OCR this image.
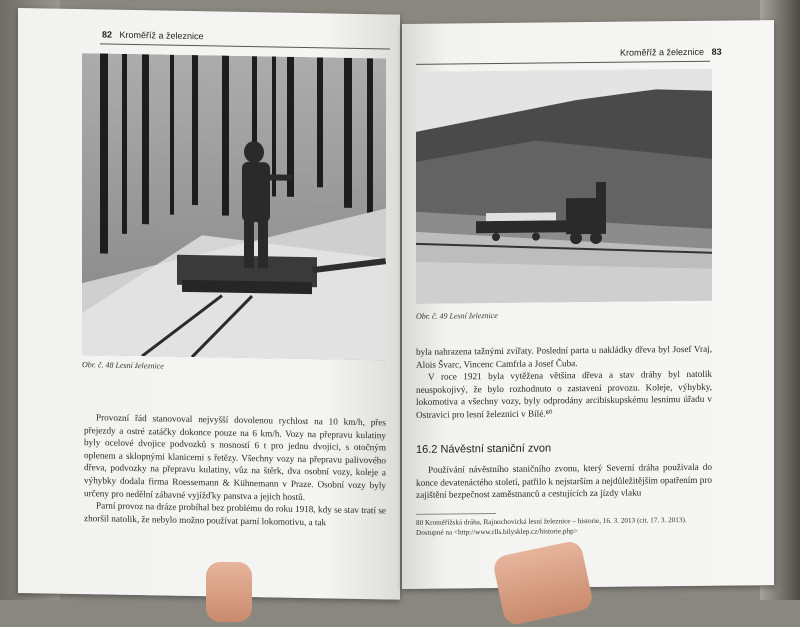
82 Kroměříž a železnice
Obr. č. 48 Lesní železnice

Provozní řád stanovoval nejvyšší dovolenou rychlost na 10 km/h, přes přejezdy a ostré zatáčky dokonce pouze na 6 km/h. Vozy na přepravu kulatiny byly ocelové dvojice podvozků s nosností 6 t pro jednu dvojici, s otočným oplenem a sklopnými klanicemi s řetězy. Všechny vozy na přepravu palivového dřeva, podvozky na přepravu kulatiny, vůz na štěrk, dva osobní vozy, koleje a výhybky dodala firma Roessemann & Kühnemann v Praze. Osobní vozy byly určeny pro nedělní zábavné vyjížďky panstva a jejich hostů.

Parní provoz na dráze probíhal bez problému do roku 1918, kdy se stav tratí se zhoršil natolik, že nebylo možno používat parní lokomotivu, a tak

Kroměříž a železnice 83
Obr. č. 49 Lesní železnice

byla nahrazena tažnými zvířaty. Poslední parta u nakládky dřeva byl Josef Vraj, Alois Švarc, Vincenc Camfrla a Josef Čuba.

V roce 1921 byla vytěžena většina dřeva a stav dráhy byl natolik neuspokojivý, že bylo rozhodnuto o zastavení provozu. Koleje, výhybky, lokomotiva a všechny vozy, byly odprodány arcibiskupskému lesnímu úřadu v Ostravici pro lesní železnici v Bílé.⁸⁰

16.2 Návěstní staniční zvon

Používání návěstního staničního zvonu, který Severní dráha používala do konce devatenáctého století, patřilo k nejstarším a nejdůležitějším opatřením pro zajištění bezpečnost zaměstnanců a cestujících za jízdy vlaku

80 Kroměřížská dráha, Rajnochovická lesní železnice – historie, 16. 3. 2013 (cit. 17. 3. 2013). Dostupné na <http://www.rlls.bilysklep.cz/historie.php>
